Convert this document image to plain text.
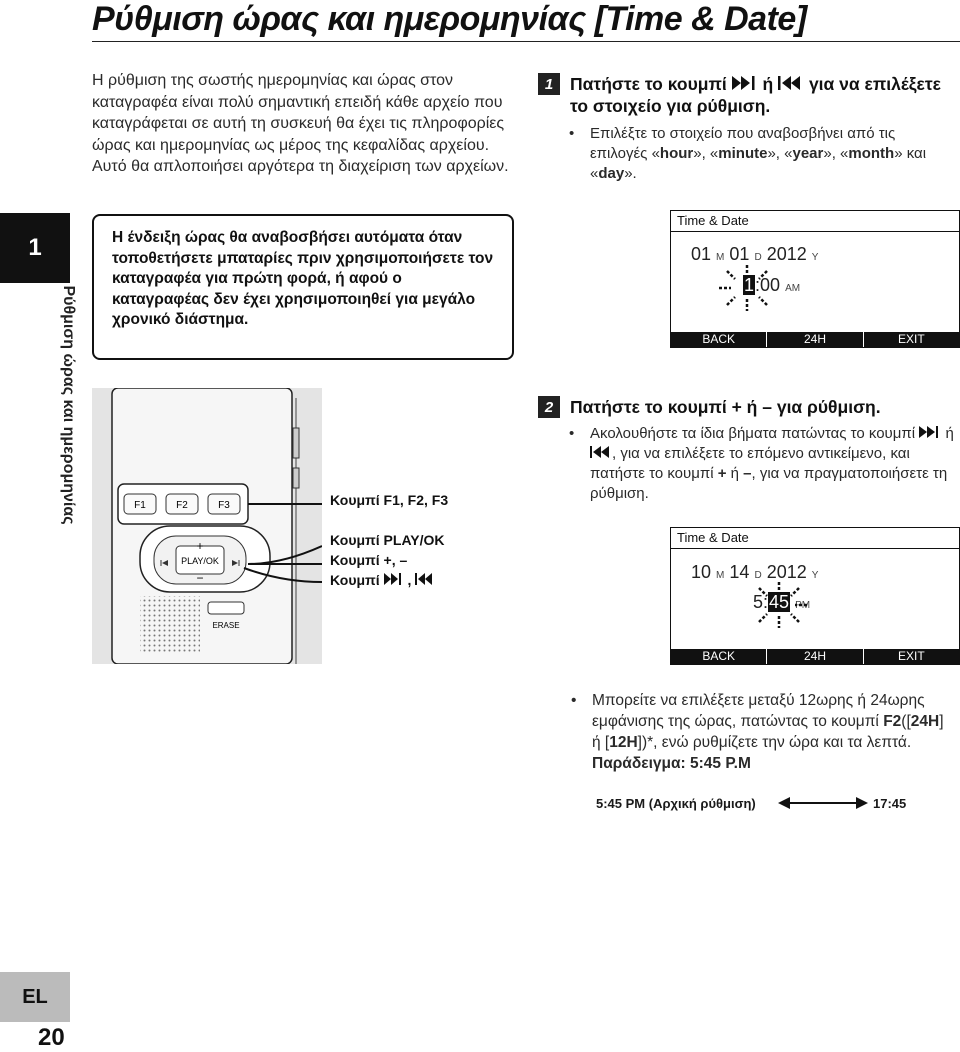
Ρύθμιση ώρας και ημερομηνίας [Time & Date]
1
Ρύθμιση ώρας και ημερομηνίας
Η ρύθμιση της σωστής ημερομηνίας και ώρας στον καταγραφέα είναι πολύ σημαντική επειδή κάθε αρχείο που καταγράφεται σε αυτή τη συσκευή θα έχει τις πληροφορίες ώρας και ημερομηνίας ως μέρος της κεφαλίδας αρχείου. Αυτό θα απλοποιήσει αργότερα τη διαχείριση των αρχείων.
Η ένδειξη ώρας θα αναβοσβήσει αυτόματα όταν τοποθετήσετε μπαταρίες πριν χρησιμοποιήσετε τον καταγραφέα για πρώτη φορά, ή αφού ο καταγραφέας δεν έχει χρησιμοποιηθεί για μεγάλο χρονικό διάστημα.
F1	F2	F3
+
PLAY/OK
−
ERASE
Κουμπί F1, F2, F3
Κουμπί PLAY/OK
Κουμπί +, –
Κουμπί ,
1 Πατήστε το κουμπί ή για να επιλέξετε το στοιχείο για ρύθμιση.
• Επιλέξτε το στοιχείο που αναβοσβήνει από τις επιλογές «hour», «minute», «year», «month» και «day».
Time & Date
01 M 01 D 2012 Y
1:00 AM
BACK	24H	EXIT
2 Πατήστε το κουμπί + ή – για ρύθμιση.
• Ακολουθήστε τα ίδια βήματα πατώντας το κουμπί ή , για να επιλέξετε το επόμενο αντικείμενο, και πατήστε το κουμπί + ή –, για να πραγματοποιήσετε τη ρύθμιση.
Time & Date
10 M 14 D 2012 Y
5:45 PM
BACK	24H	EXIT
• Μπορείτε να επιλέξετε μεταξύ 12ωρης ή 24ωρης εμφάνισης της ώρας, πατώντας το κουμπί F2([24H] ή [12H])*, ενώ ρυθμίζετε την ώρα και τα λεπτά.
Παράδειγμα: 5:45 P.M
5:45 PM (Αρχική ρύθμιση)	17:45
EL
20
